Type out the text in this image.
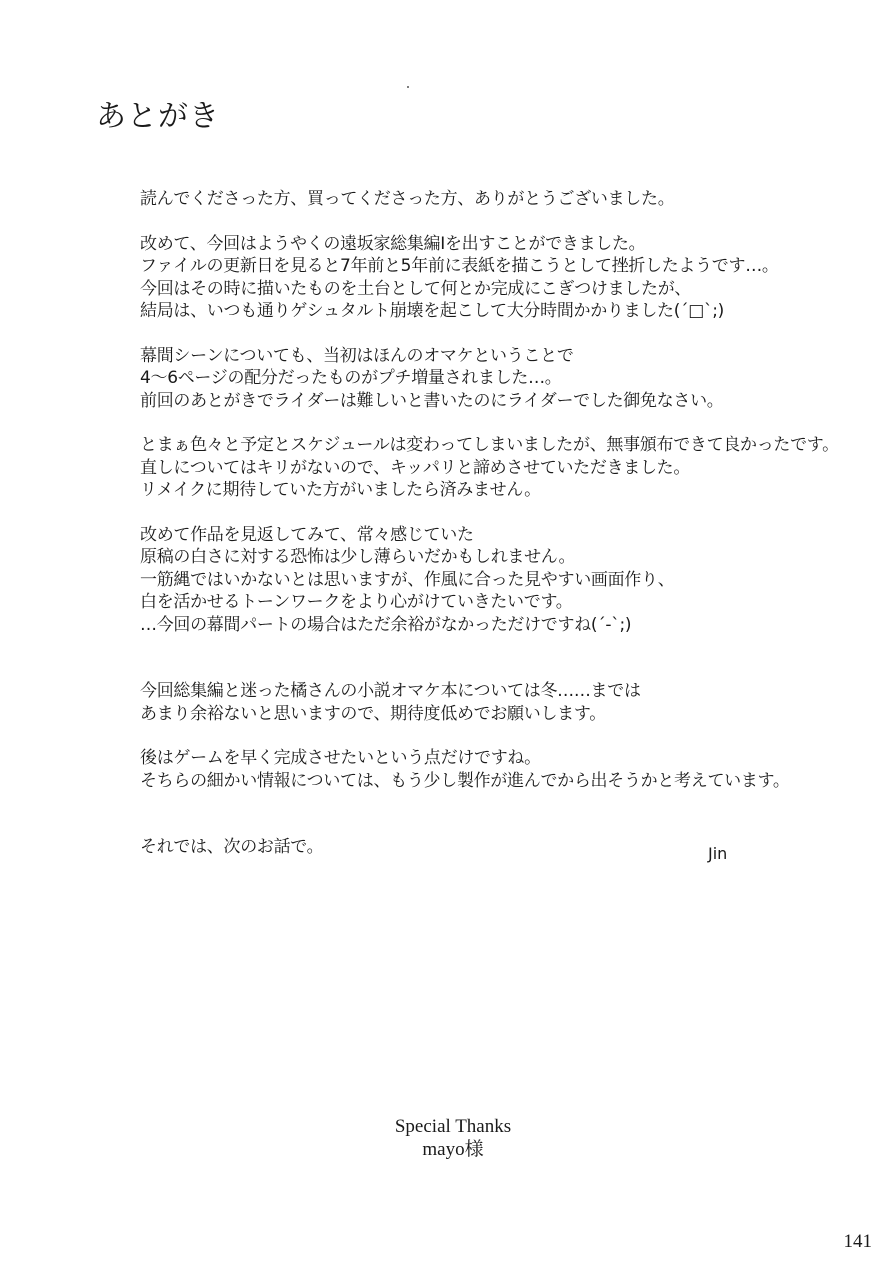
あとがき

読んでくださった方、買ってくださった方、ありがとうございました。

改めて、今回はようやくの遠坂家総集編Ⅰを出すことができました。
ファイルの更新日を見ると7年前と5年前に表紙を描こうとして挫折したようです…。
今回はその時に描いたものを土台として何とか完成にこぎつけましたが、
結局は、いつも通りゲシュタルト崩壊を起こして大分時間かかりました(´□`;)

幕間シーンについても、当初はほんのオマケということで
4〜6ページの配分だったものがプチ増量されました…。
前回のあとがきでライダーは難しいと書いたのにライダーでした御免なさい。

とまぁ色々と予定とスケジュールは変わってしまいましたが、無事頒布できて良かったです。
直しについてはキリがないので、キッパリと諦めさせていただきました。
リメイクに期待していた方がいましたら済みません。

改めて作品を見返してみて、常々感じていた
原稿の白さに対する恐怖は少し薄らいだかもしれません。
一筋縄ではいかないとは思いますが、作風に合った見やすい画面作り、
白を活かせるトーンワークをより心がけていきたいです。
…今回の幕間パートの場合はただ余裕がなかっただけですね(´-`;)

今回総集編と迷った橘さんの小説オマケ本については冬……までは
あまり余裕ないと思いますので、期待度低めでお願いします。

後はゲームを早く完成させたいという点だけですね。
そちらの細かい情報については、もう少し製作が進んでから出そうかと考えています。

それでは、次のお話で。	Jin
Special Thanks
mayo様
141
